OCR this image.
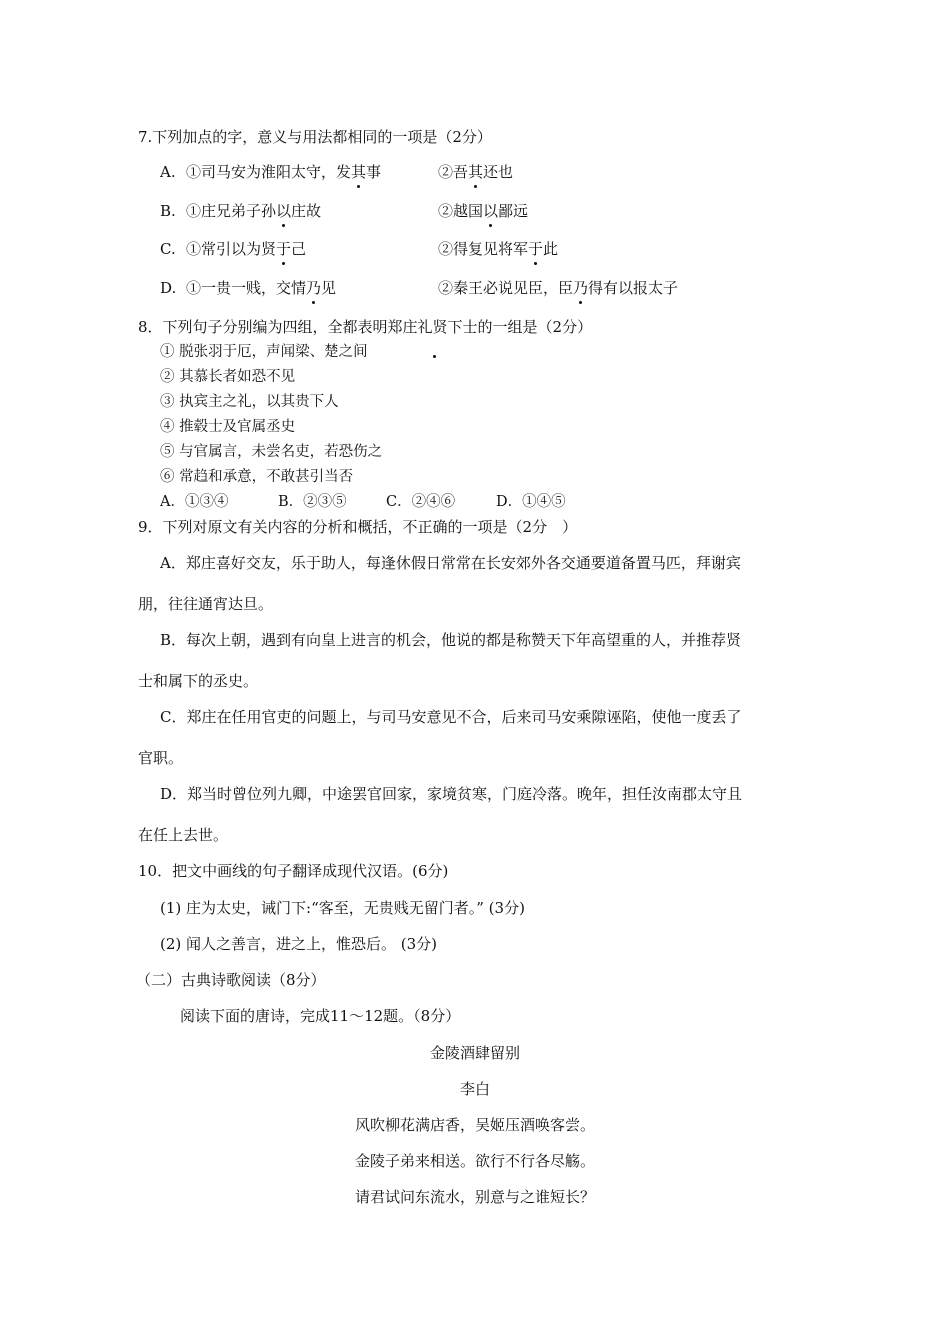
7.下列加点的字，意义与用法都相同的一项是（2分）
A. ①司马安为淮阳太守，发其事	②吾其还也
B. ①庄兄弟子孙以庄故	②越国以鄙远
C. ①常引以为贤于己	②得复见将军于此
D. ①一贵一贱，交情乃见	②秦王必说见臣，臣乃得有以报太子
8．下列句子分别编为四组，全都表明郑庄礼贤下士的一组是（2分）
① 脱张羽于厄，声闻梁、楚之间
② 其慕长者如恐不见
③ 执宾主之礼，以其贵下人
④ 推毂士及官属丞史
⑤ 与官属言，未尝名吏，若恐伤之
⑥ 常趋和承意，不敢甚引当否
A．①③④	B．②③⑤	C．②④⑥	D．①④⑤
9．下列对原文有关内容的分析和概括，不正确的一项是（2分　）
A．郑庄喜好交友，乐于助人，每逢休假日常常在长安郊外各交通要道备置马匹，拜谢宾
朋，往往通宵达旦。
B．每次上朝，遇到有向皇上进言的机会，他说的都是称赞天下年高望重的人，并推荐贤
士和属下的丞史。
C．郑庄在任用官吏的问题上，与司马安意见不合，后来司马安乘隙诬陷，使他一度丢了
官职。
D．郑当时曾位列九卿，中途罢官回家，家境贫寒，门庭冷落。晚年，担任汝南郡太守且
在任上去世。
10．把文中画线的句子翻译成现代汉语。(6分)
(1) 庄为太史，诫门下:“客至，无贵贱无留门者。” (3分)
(2) 闻人之善言，进之上，惟恐后。 (3分)
（二）古典诗歌阅读（8分）
阅读下面的唐诗，完成11～12题。（8分）
金陵酒肆留别
李白
风吹柳花满店香，吴姬压酒唤客尝。
金陵子弟来相送。欲行不行各尽觞。
请君试问东流水，别意与之谁短长？
